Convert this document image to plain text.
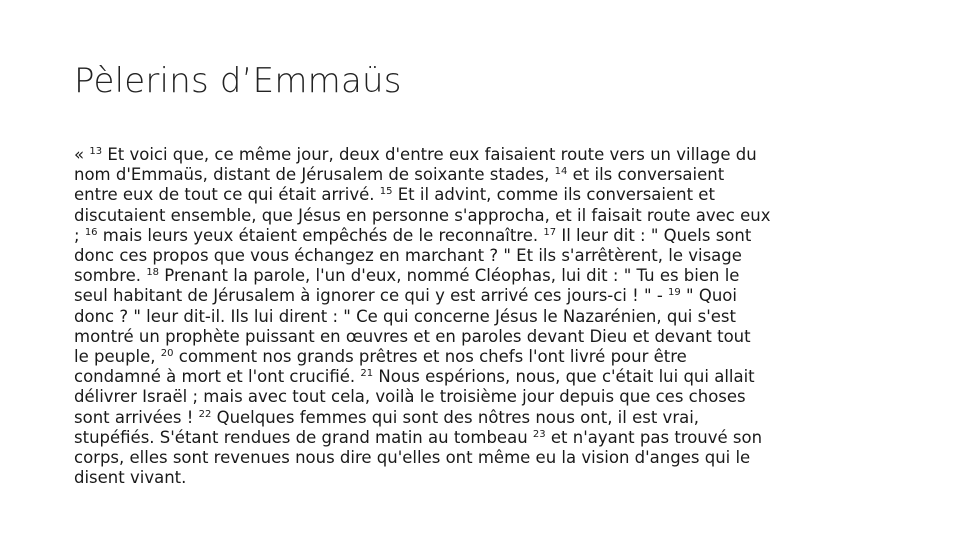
Pèlerins d’Emmaüs
« $^{13}$ Et voici que, ce même jour, deux d'entre eux faisaient route vers un village du
nom d'Emmaüs, distant de Jérusalem de soixante stades, $^{14}$ et ils conversaient
entre eux de tout ce qui était arrivé. $^{15}$ Et il advint, comme ils conversaient et
discutaient ensemble, que Jésus en personne s'approcha, et il faisait route avec eux
; $^{16}$ mais leurs yeux étaient empêchés de le reconnaître. $^{17}$ Il leur dit : " Quels sont
donc ces propos que vous échangez en marchant ? " Et ils s'arrêtèrent, le visage
sombre. $^{18}$ Prenant la parole, l'un d'eux, nommé Cléophas, lui dit : " Tu es bien le
seul habitant de Jérusalem à ignorer ce qui y est arrivé ces jours-ci ! " - $^{19}$ " Quoi
donc ? " leur dit-il. Ils lui dirent : " Ce qui concerne Jésus le Nazarénien, qui s'est
montré un prophète puissant en œuvres et en paroles devant Dieu et devant tout
le peuple, $^{20}$ comment nos grands prêtres et nos chefs l'ont livré pour être
condamné à mort et l'ont crucifié. $^{21}$ Nous espérions, nous, que c'était lui qui allait
délivrer Israël ; mais avec tout cela, voilà le troisième jour depuis que ces choses
sont arrivées ! $^{22}$ Quelques femmes qui sont des nôtres nous ont, il est vrai,
stupéfiés. S'étant rendues de grand matin au tombeau $^{23}$ et n'ayant pas trouvé son
corps, elles sont revenues nous dire qu'elles ont même eu la vision d'anges qui le
disent vivant.
